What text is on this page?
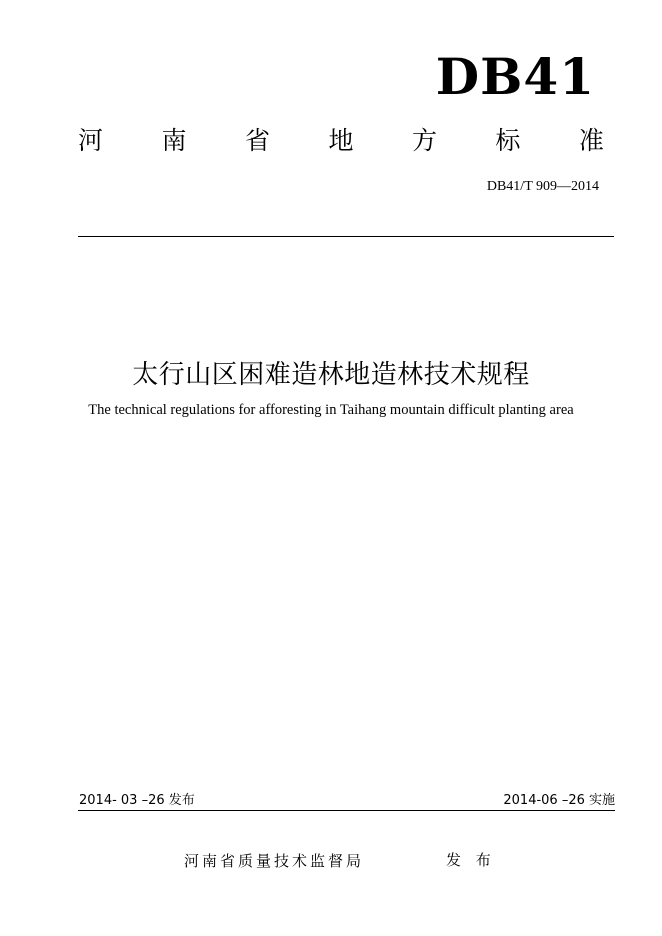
DB41
河 南 省 地 方 标 准
DB41/T 909—2014
太行山区困难造林地造林技术规程
The technical regulations for afforesting in Taihang mountain difficult planting area
2014- 03 –26 发布	2014-06 –26 实施
河南省质量技术监督局	发 布
